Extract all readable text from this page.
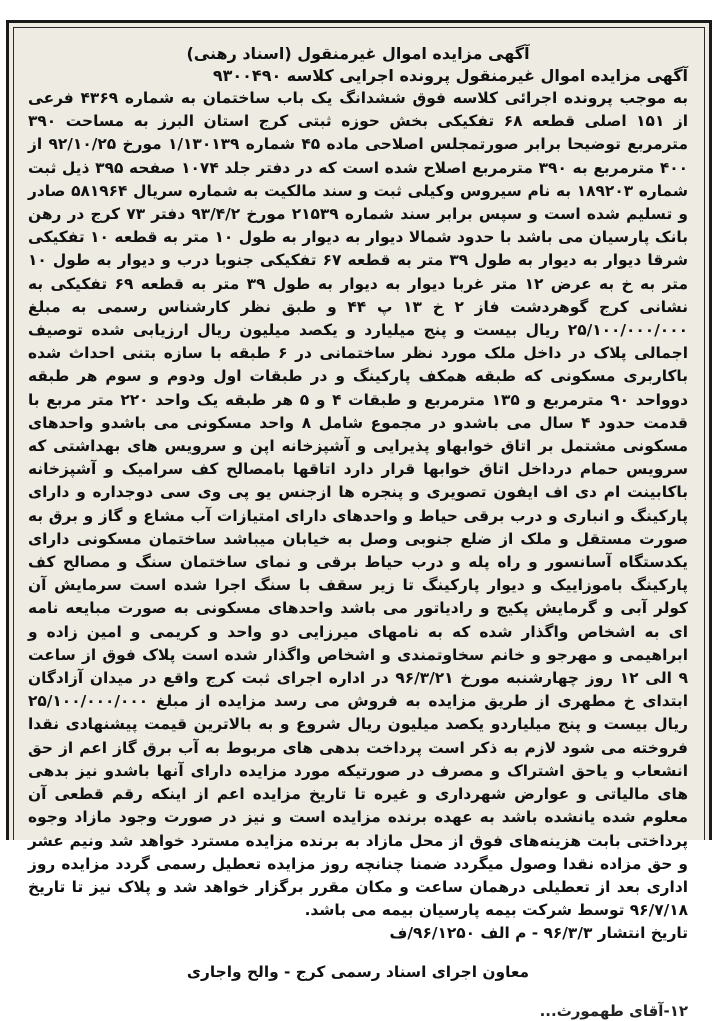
آگهی مزایده اموال غیرمنقول (اسناد رهنی)

آگهی مزایده اموال غیرمنقول پرونده اجرایی کلاسه ۹۳۰۰۴۹۰

به موجب پرونده اجرائی کلاسه فوق ششدانگ یک باب ساختمان به شماره ۴۳۶۹ فرعی از ۱۵۱ اصلی قطعه ۶۸ تفکیکی بخش حوزه ثبتی کرج استان البرز به مساحت ۳۹۰ مترمربع توضیحا برابر صورتمجلس اصلاحی ماده ۴۵ شماره ۱/۱۳۰۱۳۹ مورخ ۹۲/۱۰/۲۵ از ۴۰۰ مترمربع به ۳۹۰ مترمربع اصلاح شده است که در دفتر جلد ۱۰۷۴ صفحه ۳۹۵ ذیل ثبت شماره ۱۸۹۲۰۳ به نام سیروس وکیلی ثبت و سند مالکیت به شماره سریال ۵۸۱۹۶۴ صادر و تسلیم شده است و سپس برابر سند شماره ۲۱۵۳۹ مورخ ۹۳/۴/۲ دفتر ۷۳ کرج در رهن بانک پارسیان می باشد با حدود شمالا دیوار به دیوار به طول ۱۰ متر به قطعه ۱۰ تفکیکی شرقا دیوار به دیوار به طول ۳۹ متر به قطعه ۶۷ تفکیکی جنوبا درب و دیوار به طول ۱۰ متر به خ به عرض ۱۲ متر غربا دیوار به دیوار به طول ۳۹ متر به قطعه ۶۹ تفکیکی به نشانی کرج گوهردشت فاز ۲ خ ۱۳ پ ۴۴ و طبق نظر کارشناس رسمی به مبلغ ۲۵/۱۰۰/۰۰۰/۰۰۰ ریال بیست و پنج میلیارد و یکصد میلیون ریال ارزیابی شده توصیف اجمالی پلاک در داخل ملک مورد نظر ساختمانی در ۶ طبقه با سازه بتنی احداث شده باکاربری مسکونی که طبقه همکف پارکینگ و در طبقات اول ودوم و سوم هر طبقه دوواحد ۹۰ مترمربع و ۱۳۵ مترمربع و طبقات ۴ و ۵ هر طبقه یک واحد ۲۲۰ متر مربع با قدمت حدود ۴ سال می باشدو در مجموع شامل ۸ واحد مسکونی می باشدو واحدهای مسکونی مشتمل بر اتاق خوابهاو پذیرایی و آشپزخانه اپن و سرویس های بهداشتی که سرویس حمام درداخل اتاق خوابها قرار دارد اتاقها بامصالح کف سرامیک و آشپزخانه باکابینت ام دی اف ایفون تصویری و پنجره ها ازجنس یو پی وی سی دوجداره و دارای پارکینگ و انباری و درب برقی حیاط و واحدهای دارای امتیازات آب مشاع و گاز و برق به صورت مستقل و ملک از ضلع جنوبی وصل به خیابان میباشد ساختمان مسکونی دارای یکدستگاه آسانسور و راه پله و درب حیاط برقی و نمای ساختمان سنگ و مصالح کف پارکینگ باموزاییک و دیوار پارکینگ تا زیر سقف با سنگ اجرا شده است سرمایش آن کولر آبی و گرمایش پکیج و رادیاتور می باشد واحدهای مسکونی به صورت مبایعه نامه ای به اشخاص واگذار شده که به نامهای میرزایی دو واحد و کریمی و امین زاده و ابراهیمی و مهرجو و خانم سخاوتمندی و اشخاص واگذار شده است پلاک فوق از ساعت ۹ الی ۱۲ روز چهارشنبه مورخ ۹۶/۳/۲۱ در اداره اجرای ثبت کرج واقع در میدان آزادگان ابتدای خ مطهری از طریق مزایده به فروش می رسد مزایده از مبلغ ۲۵/۱۰۰/۰۰۰/۰۰۰ ریال بیست و پنج میلیاردو یکصد میلیون ریال شروع و به بالاترین قیمت پیشنهادی نقدا فروخته می شود لازم به ذکر است پرداخت بدهی های مربوط به آب برق گاز اعم از حق انشعاب و یاحق اشتراک و مصرف در صورتیکه مورد مزایده دارای آنها باشدو نیز بدهی های مالیاتی و عوارض شهرداری و غیره تا تاریخ مزایده اعم از اینکه رقم قطعی آن معلوم شده یانشده باشد به عهده برنده مزایده است و نیز در صورت وجود مازاد وجوه پرداختی بابت هزینه‌های فوق از محل مازاد به برنده مزایده مسترد خواهد شد ونیم عشر و حق مزاده نقدا وصول میگردد ضمنا چنانچه روز مزایده تعطیل رسمی گردد مزایده روز اداری بعد از تعطیلی درهمان ساعت و مکان مقرر برگزار خواهد شد و پلاک نیز تا تاریخ ۹۶/۷/۱۸ توسط شرکت بیمه پارسیان بیمه می باشد.

تاریخ انتشار ۹۶/۳/۳ - م الف ۹۶/۱۲۵۰/ف

معاون اجرای اسناد رسمی کرج - والح واجاری

۱۲-آقای طهمورث...
